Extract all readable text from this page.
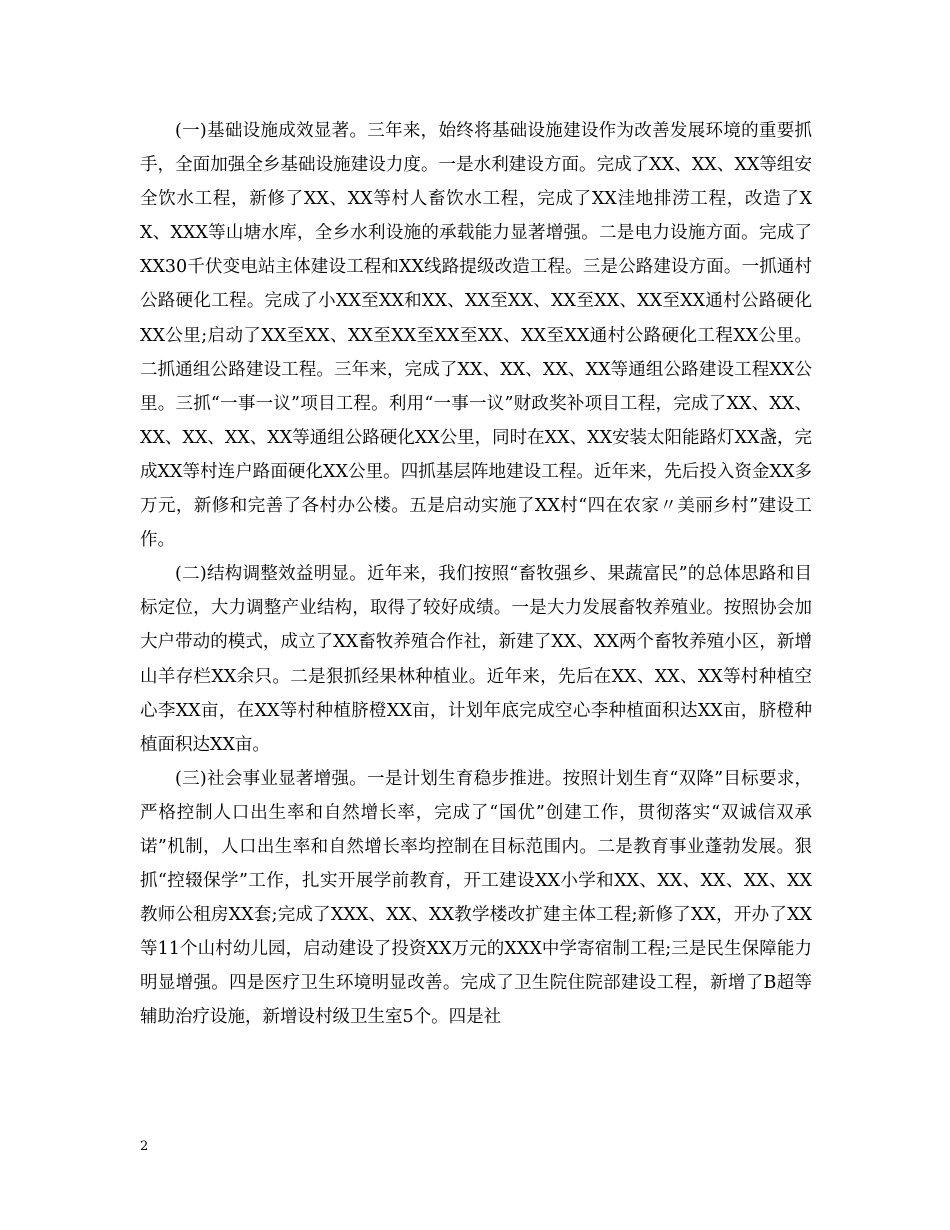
(一)基础设施成效显著。三年来，始终将基础设施建设作为改善发展环境的重要抓手，全面加强全乡基础设施建设力度。一是水利建设方面。完成了XX、XX、XX等组安全饮水工程，新修了XX、XX等村人畜饮水工程，完成了XX洼地排涝工程，改造了XX、XXX等山塘水库，全乡水利设施的承载能力显著增强。二是电力设施方面。完成了XX30千伏变电站主体建设工程和XX线路提级改造工程。三是公路建设方面。一抓通村公路硬化工程。完成了小XX至XX和XX、XX至XX、XX至XX、XX至XX通村公路硬化XX公里;启动了XX至XX、XX至XX至XX至XX、XX至XX通村公路硬化工程XX公里。二抓通组公路建设工程。三年来，完成了XX、XX、XX、XX等通组公路建设工程XX公里。三抓“一事一议”项目工程。利用“一事一议”财政奖补项目工程，完成了XX、XX、XX、XX、XX、XX等通组公路硬化XX公里，同时在XX、XX安装太阳能路灯XX盏，完成XX等村连户路面硬化XX公里。四抓基层阵地建设工程。近年来，先后投入资金XX多万元，新修和完善了各村办公楼。五是启动实施了XX村“四在农家〃美丽乡村”建设工作。

(二)结构调整效益明显。近年来，我们按照“畜牧强乡、果蔬富民”的总体思路和目标定位，大力调整产业结构，取得了较好成绩。一是大力发展畜牧养殖业。按照协会加大户带动的模式，成立了XX畜牧养殖合作社，新建了XX、XX两个畜牧养殖小区，新增山羊存栏XX余只。二是狠抓经果林种植业。近年来，先后在XX、XX、XX等村种植空心李XX亩，在XX等村种植脐橙XX亩，计划年底完成空心李种植面积达XX亩，脐橙种植面积达XX亩。

(三)社会事业显著增强。一是计划生育稳步推进。按照计划生育“双降”目标要求，严格控制人口出生率和自然增长率，完成了“国优”创建工作，贯彻落实“双诚信双承诺”机制，人口出生率和自然增长率均控制在目标范围内。二是教育事业蓬勃发展。狠抓“控辍保学”工作，扎实开展学前教育，开工建设XX小学和XX、XX、XX、XX、XX教师公租房XX套;完成了XXX、XX、XX教学楼改扩建主体工程;新修了XX，开办了XX等11个山村幼儿园，启动建设了投资XX万元的XXX中学寄宿制工程;三是民生保障能力明显增强。四是医疗卫生环境明显改善。完成了卫生院住院部建设工程，新增了B超等辅助治疗设施，新增设村级卫生室5个。四是社

2
